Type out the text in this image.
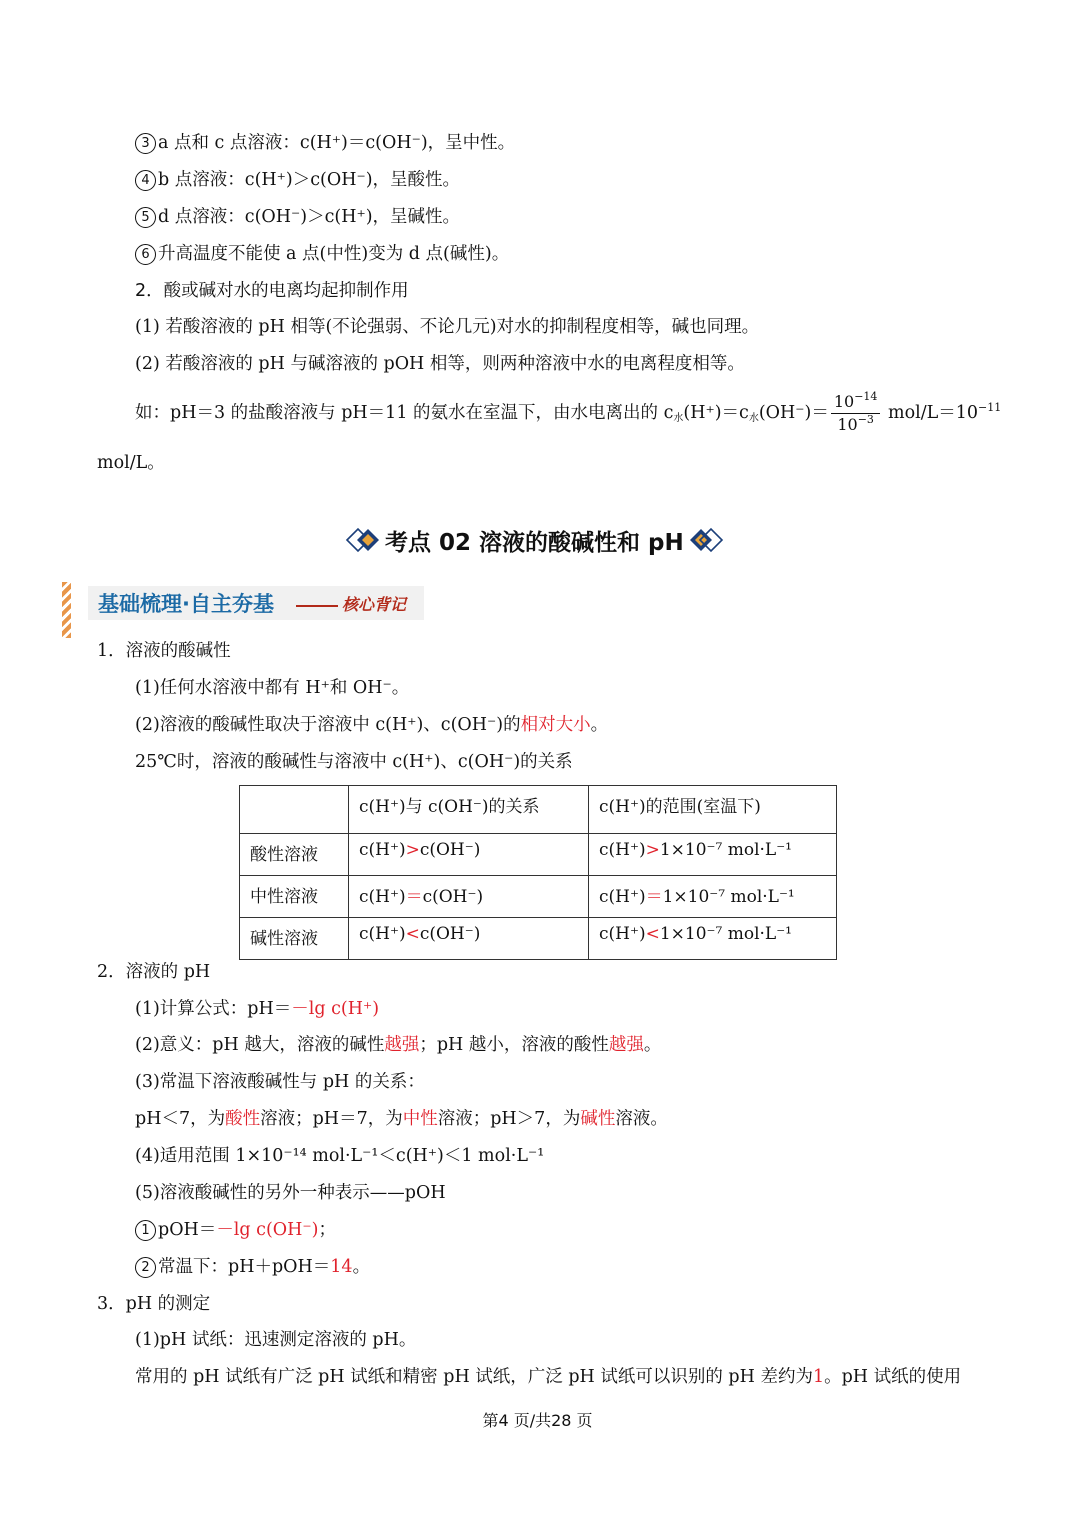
3 a 点和 c 点溶液：c(H⁺)＝c(OH⁻)，呈中性。
4 b 点溶液：c(H⁺)＞c(OH⁻)，呈酸性。
5 d 点溶液：c(OH⁻)＞c(H⁺)，呈碱性。
6 升高温度不能使 a 点(中性)变为 d 点(碱性)。
2．酸或碱对水的电离均起抑制作用
(1) 若酸溶液的 pH 相等(不论强弱、不论几元)对水的抑制程度相等，碱也同理。
(2) 若酸溶液的 pH 与碱溶液的 pOH 相等，则两种溶液中水的电离程度相等。
如：pH＝3 的盐酸溶液与 pH＝11 的氨水在室温下，由水电离出的 $c_水(H^+)=c_水(OH^-)= \frac{10^{-14}}{10^{-3}} mol/L=10^{-11}$
mol/L。
考点 02 溶液的酸碱性和 pH
基础梳理·自主夯基	核心背记
1．溶液的酸碱性
(1)任何水溶液中都有 H⁺和 OH⁻。
(2)溶液的酸碱性取决于溶液中 c(H⁺)、c(OH⁻)的相对大小。
25℃时，溶液的酸碱性与溶液中 c(H⁺)、c(OH⁻)的关系
	c(H⁺)与 c(OH⁻)的关系	c(H⁺)的范围(室温下)
酸性溶液	c(H⁺)>c(OH⁻)	c(H⁺)>1×10⁻⁷ mol·L⁻¹
中性溶液	c(H⁺)＝c(OH⁻)	c(H⁺)＝1×10⁻⁷ mol·L⁻¹
碱性溶液	c(H⁺)<c(OH⁻)	c(H⁺)<1×10⁻⁷ mol·L⁻¹
2．溶液的 pH
(1)计算公式：pH＝－lg c(H⁺)
(2)意义：pH 越大，溶液的碱性越强；pH 越小，溶液的酸性越强。
(3)常温下溶液酸碱性与 pH 的关系：
pH＜7，为酸性溶液；pH＝7，为中性溶液；pH＞7，为碱性溶液。
(4)适用范围 1×10⁻¹⁴ mol·L⁻¹＜c(H⁺)＜1 mol·L⁻¹
(5)溶液酸碱性的另外一种表示——pOH
1 pOH＝－lg c(OH⁻)；
2 常温下：pH＋pOH＝14。
3．pH 的测定
(1)pH 试纸：迅速测定溶液的 pH。
常用的 pH 试纸有广泛 pH 试纸和精密 pH 试纸，广泛 pH 试纸可以识别的 pH 差约为1。pH 试纸的使用
第4 页/共28 页
